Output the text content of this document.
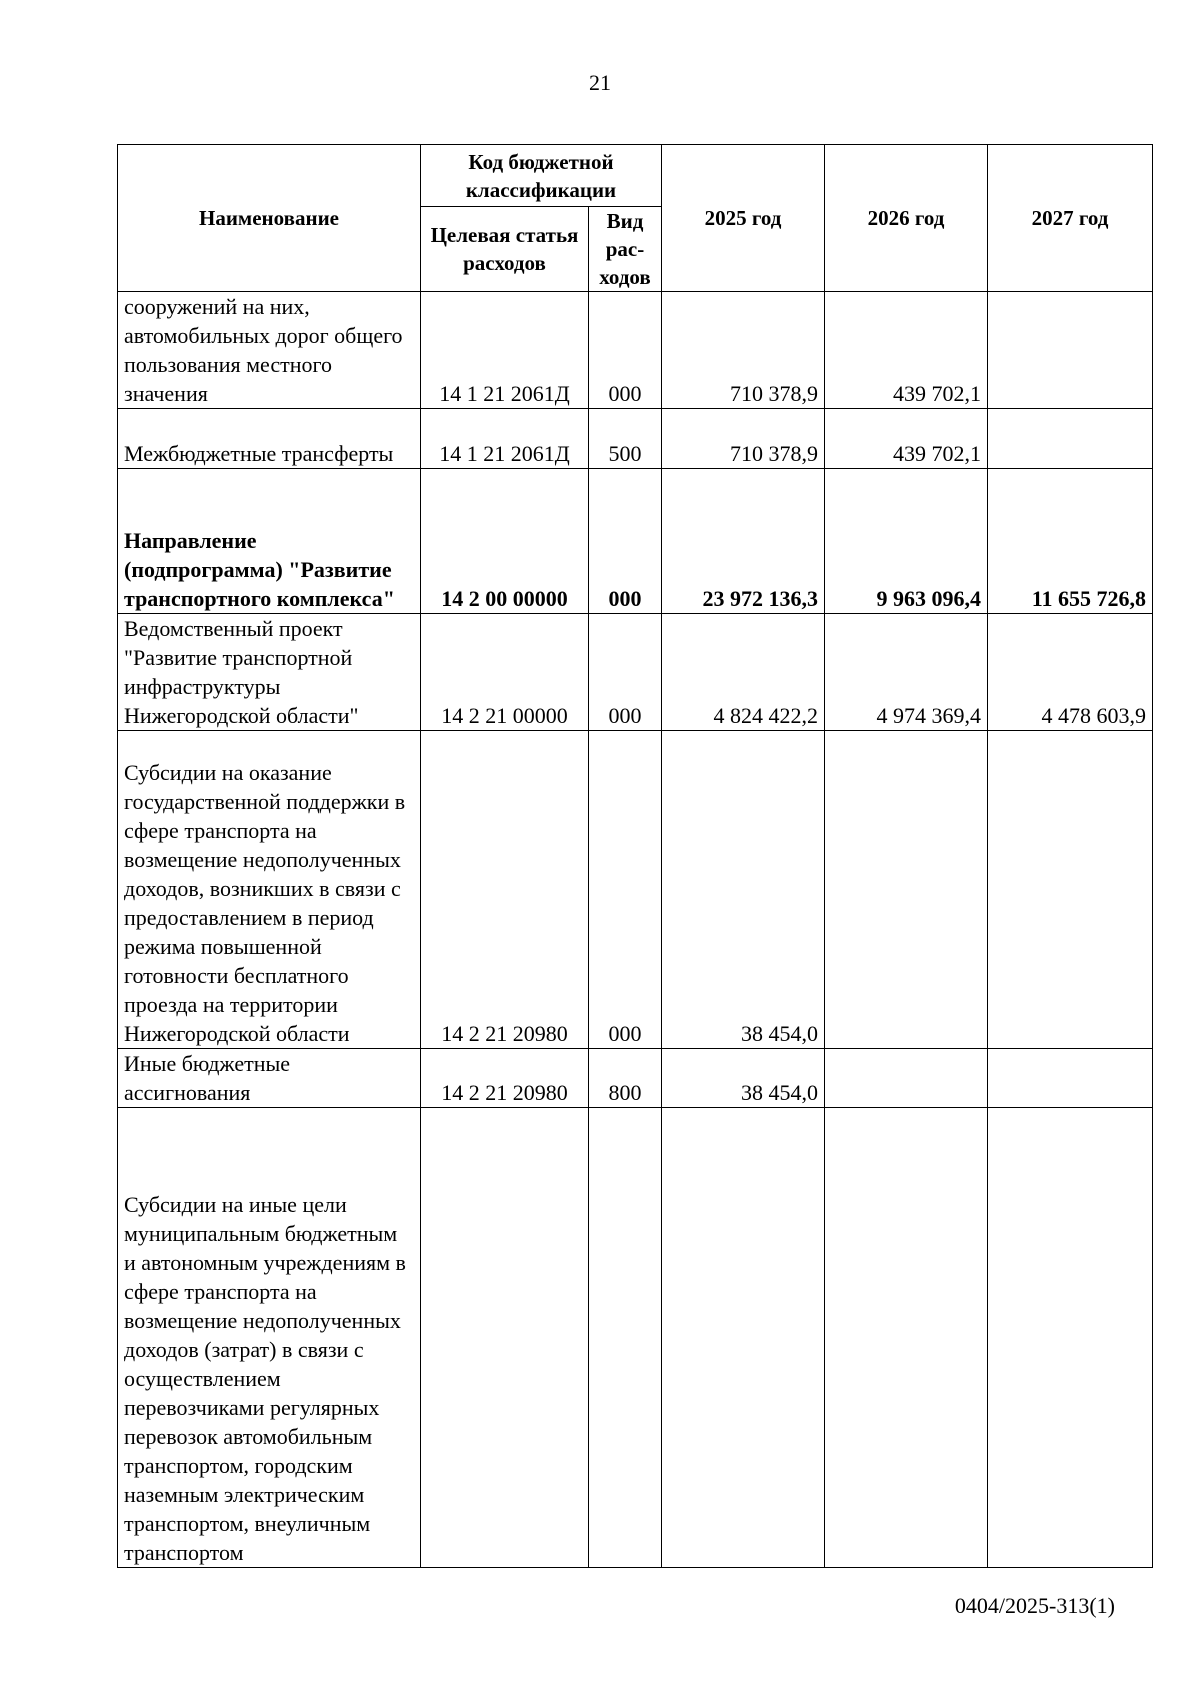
21
Наименование	Код бюджетной классификации		2025 год	2026 год	2027 год
	Целевая статья расходов	Вид рас-ходов			
сооружений на них, автомобильных дорог общего пользования местного значения	14 1 21 2061Д	000	710 378,9	439 702,1	
Межбюджетные трансферты	14 1 21 2061Д	500	710 378,9	439 702,1	
Направление (подпрограмма) "Развитие транспортного комплекса"	14 2 00 00000	000	23 972 136,3	9 963 096,4	11 655 726,8
Ведомственный проект "Развитие транспортной инфраструктуры Нижегородской области"	14 2 21 00000	000	4 824 422,2	4 974 369,4	4 478 603,9
Субсидии на оказание государственной поддержки в сфере транспорта на возмещение недополученных доходов, возникших в связи с предоставлением в период режима повышенной готовности бесплатного проезда на территории Нижегородской области	14 2 21 20980	000	38 454,0		
Иные бюджетные ассигнования	14 2 21 20980	800	38 454,0		
Субсидии на иные цели муниципальным бюджетным и автономным учреждениям в сфере транспорта на возмещение недополученных доходов (затрат) в связи с осуществлением перевозчиками регулярных перевозок автомобильным транспортом, городским наземным электрическим транспортом, внеуличным транспортом					
0404/2025-313(1)
